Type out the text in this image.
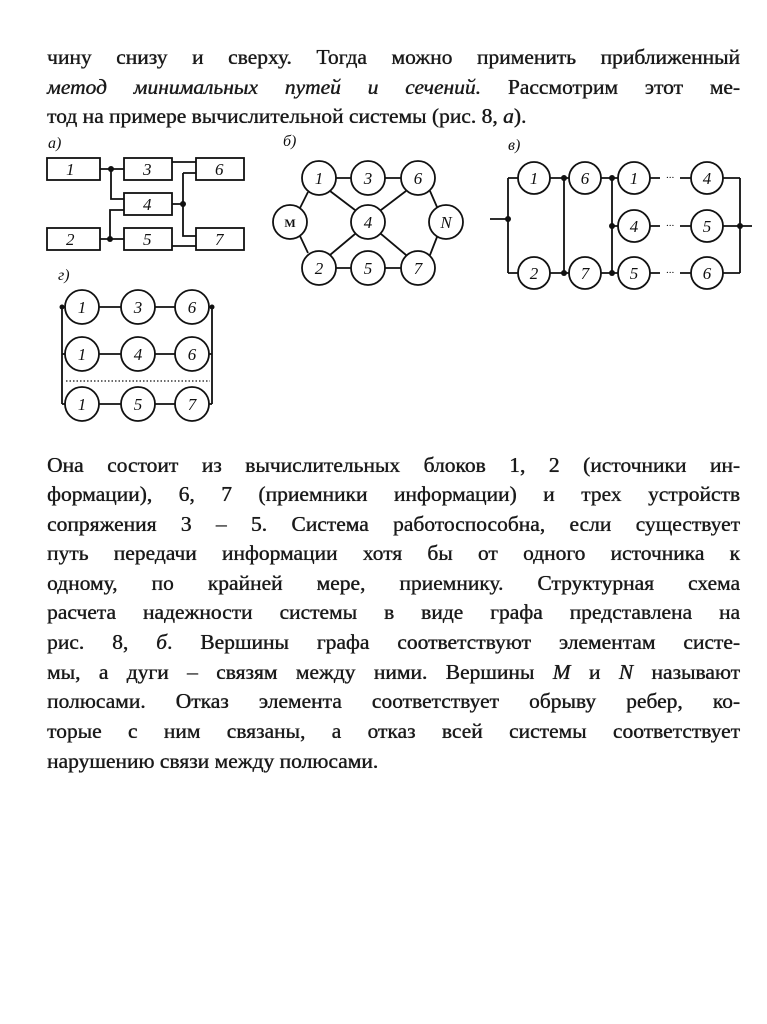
чину снизу и сверху. Тогда можно применить приближенный
метод минимальных путей и сечений. Рассмотрим этот ме-
тод на примере вычислительной системы (рис. 8, а).
а)
1	3	6
4
2	5	7
б)
1 3 6
M	4	N
2 5 7
в)
1	6 1	4
4	5
2	7 5	6
···
···
···
г)
1	3	6
1	4	6
1	5	7
Она состоит из вычислительных блоков 1, 2 (источники ин-
формации), 6, 7 (приемники информации) и трех устройств
сопряжения 3 – 5. Система работоспособна, если существует
путь передачи информации хотя бы от одного источника к
одному, по крайней мере, приемнику. Структурная схема
расчета надежности системы в виде графа представлена на
рис. 8, б. Вершины графа соответствуют элементам систе-
мы, а дуги – связям между ними. Вершины M и N называют
полюсами. Отказ элемента соответствует обрыву ребер, ко-
торые с ним связаны, а отказ всей системы соответствует
нарушению связи между полюсами.
